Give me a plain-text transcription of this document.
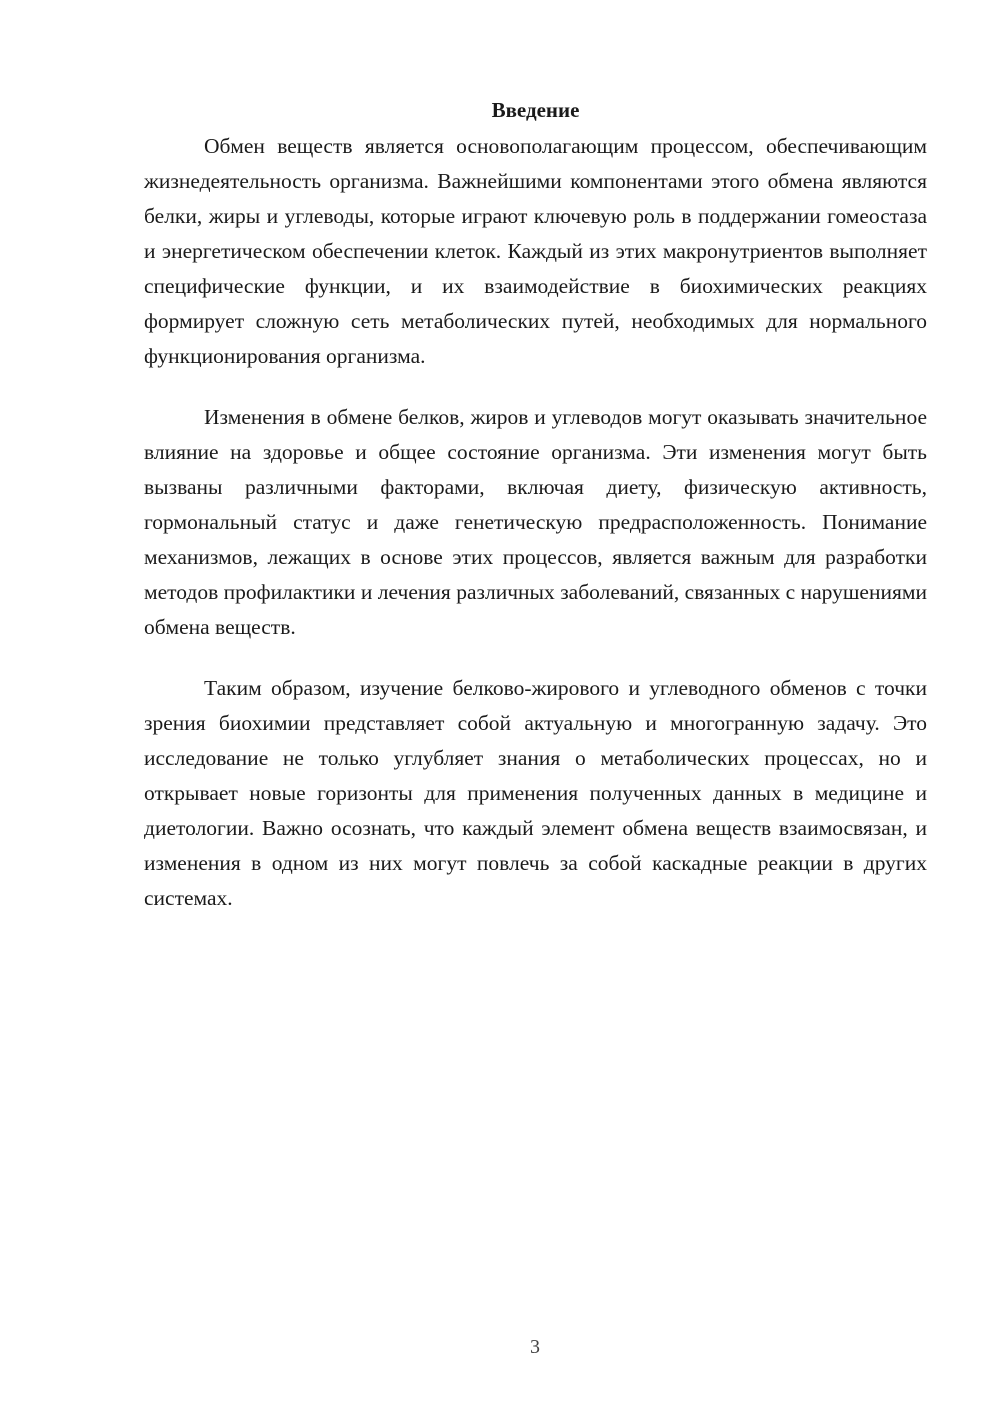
Введение

Обмен веществ является основополагающим процессом, обеспечивающим жизнедеятельность организма. Важнейшими компонентами этого обмена являются белки, жиры и углеводы, которые играют ключевую роль в поддержании гомеостаза и энергетическом обеспечении клеток. Каждый из этих макронутриентов выполняет специфические функции, и их взаимодействие в биохимических реакциях формирует сложную сеть метаболических путей, необходимых для нормального функционирования организма.

Изменения в обмене белков, жиров и углеводов могут оказывать значительное влияние на здоровье и общее состояние организма. Эти изменения могут быть вызваны различными факторами, включая диету, физическую активность, гормональный статус и даже генетическую предрасположенность. Понимание механизмов, лежащих в основе этих процессов, является важным для разработки методов профилактики и лечения различных заболеваний, связанных с нарушениями обмена веществ.

Таким образом, изучение белково-жирового и углеводного обменов с точки зрения биохимии представляет собой актуальную и многогранную задачу. Это исследование не только углубляет знания о метаболических процессах, но и открывает новые горизонты для применения полученных данных в медицине и диетологии. Важно осознать, что каждый элемент обмена веществ взаимосвязан, и изменения в одном из них могут повлечь за собой каскадные реакции в других системах.

3
